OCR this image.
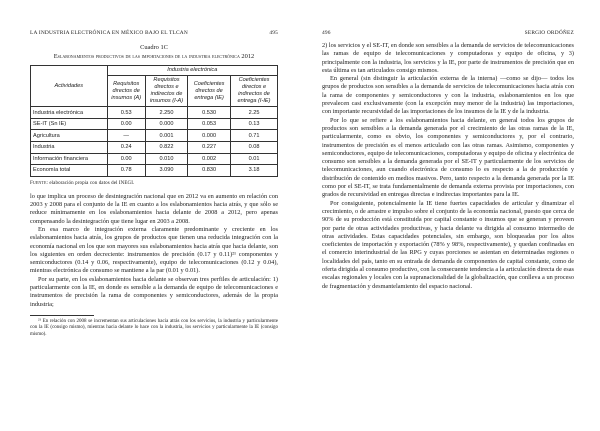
LA INDUSTRIA ELECTRÓNICA EN MÉXICO BAJO EL TLCAN	495
Cuadro 1C
Eslabonamientos productivos de las importaciones de la industria electrónica 2012
Actividades	Industria electrónica			
	Requisitos directos de insumos (A)	Requisitos directos e indirectos de insumos (I-A)	Coeficientes directos de entrega (IE)	Coeficientes directos e indirectos de entrega (I-IE)
Industria electrónica	0.53	2.250	0.530	2.25
SE-IT (Sn IE)	0.00	0.000	0.053	0.13
Agricultura	—	0.001	0.000	0.71
Industria	0.24	0.822	0.227	0.08
Información financiera	0.00	0.010	0.002	0.01
Economía total	0.78	3.090	0.830	3.18
Fuente: elaboración propia con datos del INEGI.

lo que implica un proceso de desintegración nacional que en 2012 va en aumento en relación con 2003 y 2008 para el conjunto de la IE en cuanto a los eslabonamientos hacia atrás, y que sólo se reduce mínimamente en los eslabonamientos hacia delante de 2008 a 2012, pero apenas compensando la desintegración que tiene lugar en 2003 a 2008.

En esa marco de integración externa claramente predominante y creciente en los eslabonamientos hacia atrás, los grupos de productos que tienen una reducida integración con la economía nacional en los que son mayores sus eslabonamientos hacia atrás que hacia delante, son los siguientes en orden decreciente: instrumentos de precisión (0.17 y 0.11)²¹ componentes y semiconductores (0.14 y 0.06, respectivamente), equipo de telecomunicaciones (0.12 y 0.04), mientras electrónica de consumo se mantiene a la par (0.01 y 0.01).

Por su parte, en los eslabonamientos hacia delante se observan tres perfiles de articulación: 1) particularmente con la IE, en donde es sensible a la demanda de equipo de telecomunicaciones e instrumentos de precisión la rama de componentes y semiconductores, además de la propia industria;

²¹ En relación con 2008 se incrementan sus articulaciones hacia atrás con los servicios, la industria y particularmente con la IE (consigo mismo), mientras hacia delante lo hace con la industria, los servicios y particularmente la IE (consigo mismo).

496	SERGIO ORDÓÑEZ

2) los servicios y el SE-IT, en donde son sensibles a la demanda de servicios de telecomunicaciones las ramas de equipo de telecomunicaciones y computadoras y equipo de oficina, y 3) principalmente con la industria, los servicios y la IE, por parte de instrumentos de precisión que en esta última es tan articulados consigo mismos.

En general (sin distinguir la articulación externa de la interna) —como se dijo— todos los grupos de productos son sensibles a la demanda de servicios de telecomunicaciones hacia atrás con la rama de componentes y semiconductores y con la industria, eslabonamientos en los que prevalecen casi exclusivamente (con la excepción muy menor de la industria) las importaciones, con importante recursividad de las importaciones de los insumos de la IE y de la industria.

Por lo que se refiere a los eslabonamientos hacia delante, en general todos los grupos de productos son sensibles a la demanda generada por el crecimiento de las otras ramas de la IE, particularmente, como es obvio, los componentes y semiconductores y, por el contrario, instrumentos de precisión es el menos articulado con las otras ramas. Asimismo, componentes y semiconductores, equipo de telecomunicaciones, computadoras y equipo de oficina y electrónica de consumo son sensibles a la demanda generada por el SE-IT y particularmente de los servicios de telecomunicaciones, aun cuando electrónica de consumo lo es respecto a la de producción y distribución de contenido en medios masivos. Pero, tanto respecto a la demanda generada por la IE como por el SE-IT, se trata fundamentalmente de demanda externa provista por importaciones, con grados de recursividad en entregas directas e indirectas importantes para la IE.

Por consiguiente, potencialmente la IE tiene fuertes capacidades de articular y dinamizar el crecimiento, o de arrastre e impulso sobre el conjunto de la economía nacional, puesto que cerca de 90% de su producción está constituida por capital constante o insumos que se generan y proveen por parte de otras actividades productivas, y hacia delante va dirigida al consumo intermedio de otras actividades. Estas capacidades potenciales, sin embargo, son bloqueadas por los altos coeficientes de importación y exportación (78% y 98%, respectivamente), y quedan confinadas en el comercio interindustrial de las RPG y cuyas porciones se asientan en determinadas regiones o localidades del país, tanto en su entrada de demanda de componentes de capital constante, como de oferta dirigida al consumo productivo, con la consecuente tendencia a la articulación directa de esas escalas regionales y locales con la supranacionalidad de la globalización, que conlleva a un proceso de fragmentación y desmantelamiento del espacio nacional.
